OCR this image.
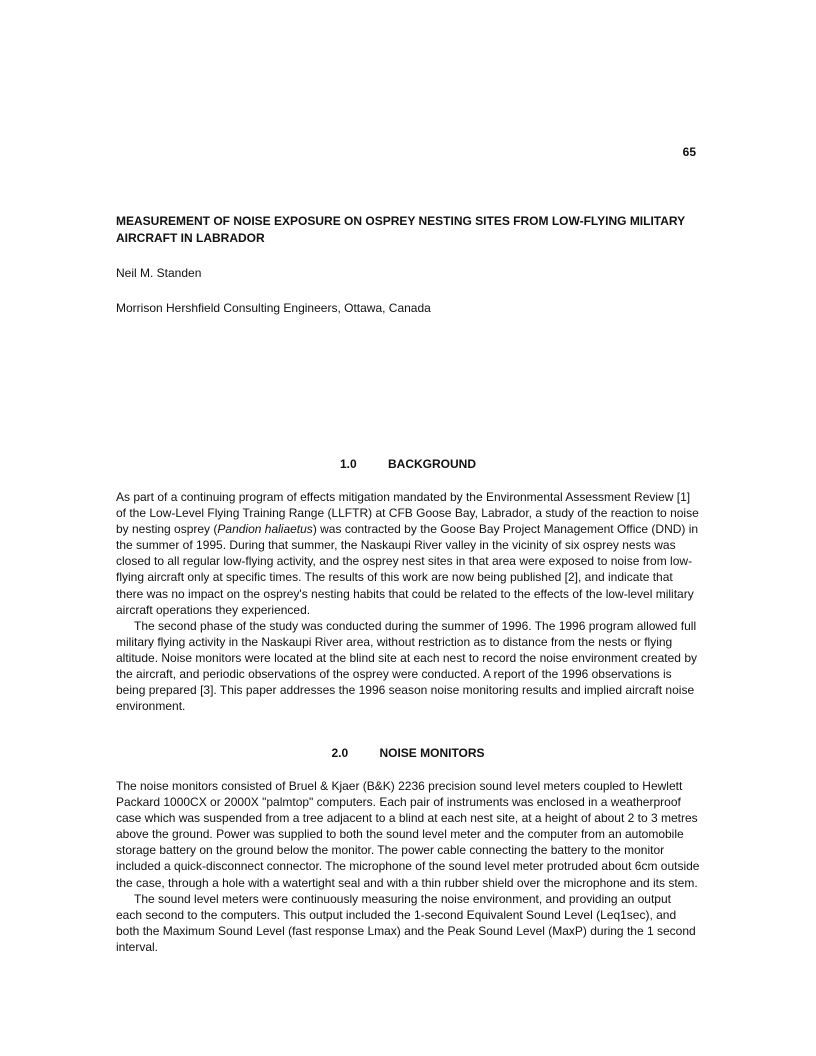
65
MEASUREMENT OF NOISE EXPOSURE ON OSPREY NESTING SITES FROM LOW-FLYING MILITARY AIRCRAFT IN LABRADOR

Neil M. Standen

Morrison Hershfield Consulting Engineers, Ottawa, Canada

1.0	BACKGROUND

As part of a continuing program of effects mitigation mandated by the Environmental Assessment Review [1] of the Low-Level Flying Training Range (LLFTR) at CFB Goose Bay, Labrador, a study of the reaction to noise by nesting osprey (Pandion haliaetus) was contracted by the Goose Bay Project Management Office (DND) in the summer of 1995. During that summer, the Naskaupi River valley in the vicinity of six osprey nests was closed to all regular low-flying activity, and the osprey nest sites in that area were exposed to noise from low-flying aircraft only at specific times. The results of this work are now being published [2], and indicate that there was no impact on the osprey's nesting habits that could be related to the effects of the low-level military aircraft operations they experienced.

The second phase of the study was conducted during the summer of 1996. The 1996 program allowed full military flying activity in the Naskaupi River area, without restriction as to distance from the nests or flying altitude. Noise monitors were located at the blind site at each nest to record the noise environment created by the aircraft, and periodic observations of the osprey were conducted. A report of the 1996 observations is being prepared [3]. This paper addresses the 1996 season noise monitoring results and implied aircraft noise environment.

2.0	NOISE MONITORS

The noise monitors consisted of Bruel & Kjaer (B&K) 2236 precision sound level meters coupled to Hewlett Packard 1000CX or 2000X "palmtop" computers. Each pair of instruments was enclosed in a weatherproof case which was suspended from a tree adjacent to a blind at each nest site, at a height of about 2 to 3 metres above the ground. Power was supplied to both the sound level meter and the computer from an automobile storage battery on the ground below the monitor. The power cable connecting the battery to the monitor included a quick-disconnect connector. The microphone of the sound level meter protruded about 6cm outside the case, through a hole with a watertight seal and with a thin rubber shield over the microphone and its stem.

The sound level meters were continuously measuring the noise environment, and providing an output each second to the computers. This output included the 1-second Equivalent Sound Level (Leq1sec), and both the Maximum Sound Level (fast response Lmax) and the Peak Sound Level (MaxP) during the 1 second interval.
